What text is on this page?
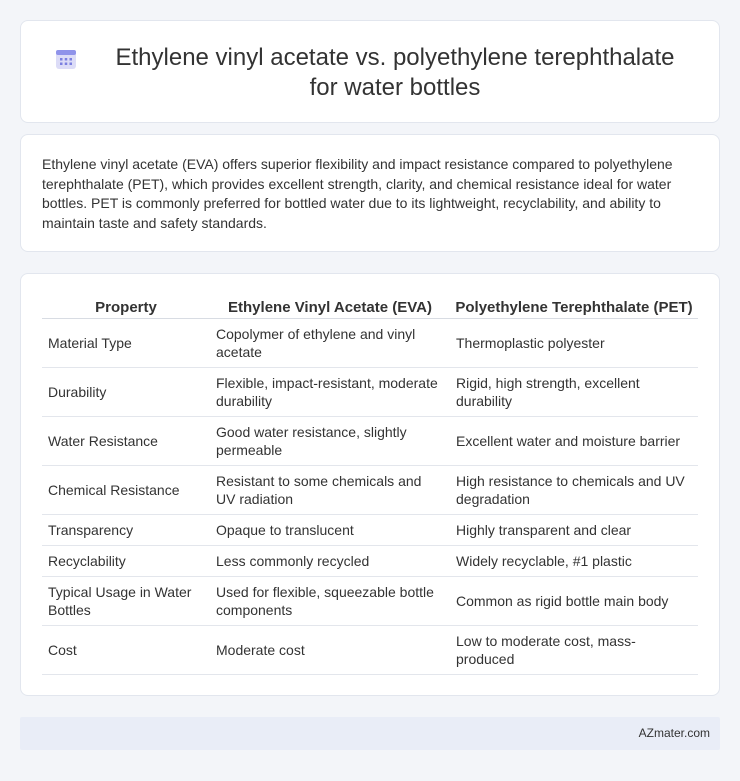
Ethylene vinyl acetate vs. polyethylene terephthalate for water bottles

Ethylene vinyl acetate (EVA) offers superior flexibility and impact resistance compared to polyethylene terephthalate (PET), which provides excellent strength, clarity, and chemical resistance ideal for water bottles. PET is commonly preferred for bottled water due to its lightweight, recyclability, and ability to maintain taste and safety standards.

Property	Ethylene Vinyl Acetate (EVA)	Polyethylene Terephthalate (PET)
Material Type	Copolymer of ethylene and vinyl acetate	Thermoplastic polyester
Durability	Flexible, impact-resistant, moderate durability	Rigid, high strength, excellent durability
Water Resistance	Good water resistance, slightly permeable	Excellent water and moisture barrier
Chemical Resistance	Resistant to some chemicals and UV radiation	High resistance to chemicals and UV degradation
Transparency	Opaque to translucent	Highly transparent and clear
Recyclability	Less commonly recycled	Widely recyclable, #1 plastic
Typical Usage in Water Bottles	Used for flexible, squeezable bottle components	Common as rigid bottle main body
Cost	Moderate cost	Low to moderate cost, mass-produced
AZmater.com
